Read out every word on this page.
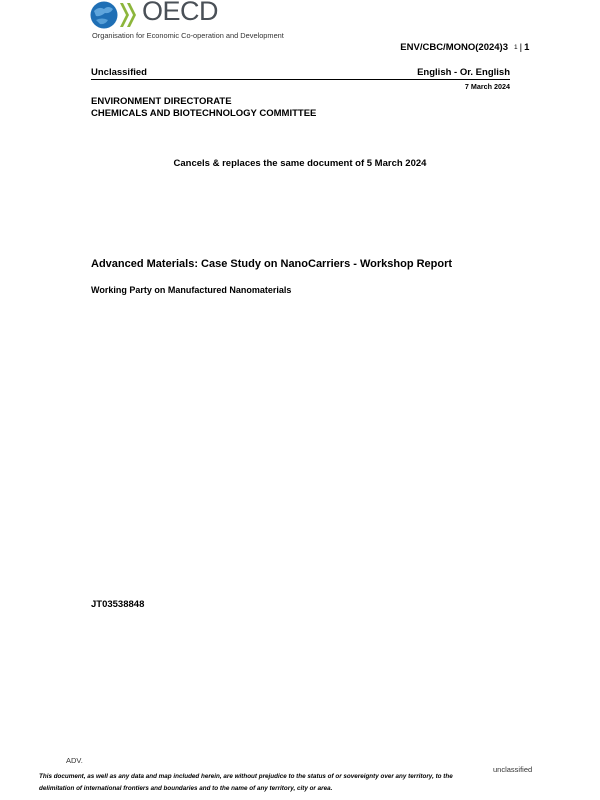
OECD
Organisation for Economic Co-operation and Development
ENV/CBC/MONO(2024)3 1 | 1
Unclassified	English - Or. English
7 March 2024
ENVIRONMENT DIRECTORATE
CHEMICALS AND BIOTECHNOLOGY COMMITTEE
Cancels & replaces the same document of 5 March 2024
Advanced Materials: Case Study on NanoCarriers - Workshop Report
Working Party on Manufactured Nanomaterials
JT03538848
ADV.
unclassified
This document, as well as any data and map included herein, are without prejudice to the status of or sovereignty over any territory, to the
delimitation of international frontiers and boundaries and to the name of any territory, city or area.
